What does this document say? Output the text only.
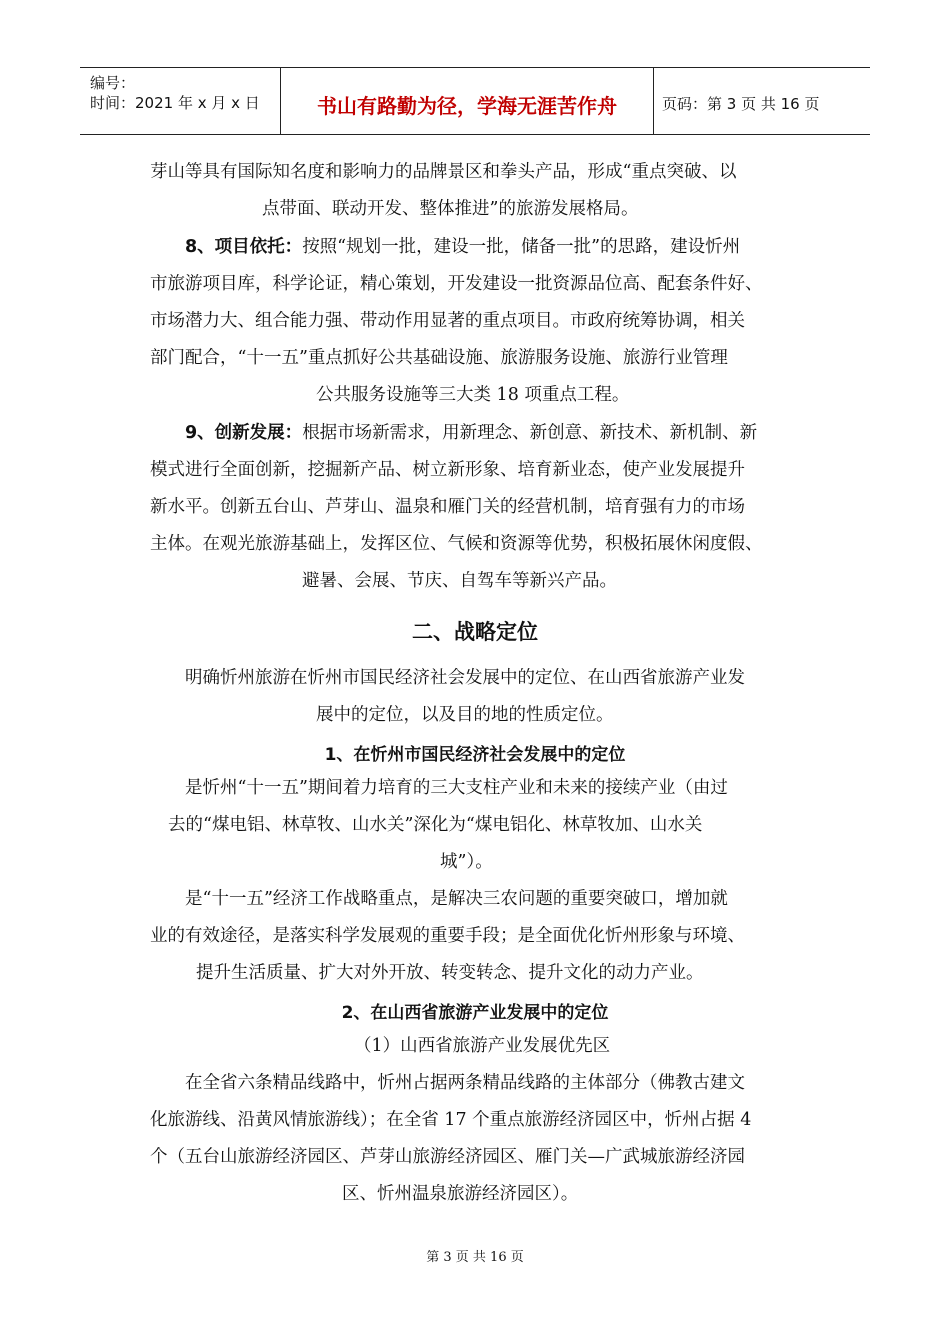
编号：
时间：2021 年 x 月 x 日	书山有路勤为径，学海无涯苦作舟	页码：第 3 页 共 16 页
芽山等具有国际知名度和影响力的品牌景区和拳头产品，形成“重点突破、以
点带面、联动开发、整体推进”的旅游发展格局。
8、项目依托：按照“规划一批，建设一批，储备一批”的思路，建设忻州
市旅游项目库，科学论证，精心策划，开发建设一批资源品位高、配套条件好、
市场潜力大、组合能力强、带动作用显著的重点项目。市政府统筹协调，相关
部门配合，“十一五”重点抓好公共基础设施、旅游服务设施、旅游行业管理
公共服务设施等三大类 18 项重点工程。
9、创新发展：根据市场新需求，用新理念、新创意、新技术、新机制、新
模式进行全面创新，挖掘新产品、树立新形象、培育新业态，使产业发展提升
新水平。创新五台山、芦芽山、温泉和雁门关的经营机制，培育强有力的市场
主体。在观光旅游基础上，发挥区位、气候和资源等优势，积极拓展休闲度假、
避暑、会展、节庆、自驾车等新兴产品。
二、战略定位
明确忻州旅游在忻州市国民经济社会发展中的定位、在山西省旅游产业发
展中的定位，以及目的地的性质定位。
1、在忻州市国民经济社会发展中的定位
是忻州“十一五”期间着力培育的三大支柱产业和未来的接续产业（由过
去的“煤电铝、林草牧、山水关”深化为“煤电铝化、林草牧加、山水关
城”）。
是“十一五”经济工作战略重点，是解决三农问题的重要突破口，增加就
业的有效途径，是落实科学发展观的重要手段；是全面优化忻州形象与环境、
提升生活质量、扩大对外开放、转变转念、提升文化的动力产业。
2、在山西省旅游产业发展中的定位
（1）山西省旅游产业发展优先区
在全省六条精品线路中，忻州占据两条精品线路的主体部分（佛教古建文
化旅游线、沿黄风情旅游线）；在全省 17 个重点旅游经济园区中，忻州占据 4
个（五台山旅游经济园区、芦芽山旅游经济园区、雁门关—广武城旅游经济园
区、忻州温泉旅游经济园区）。
第 3 页 共 16 页
